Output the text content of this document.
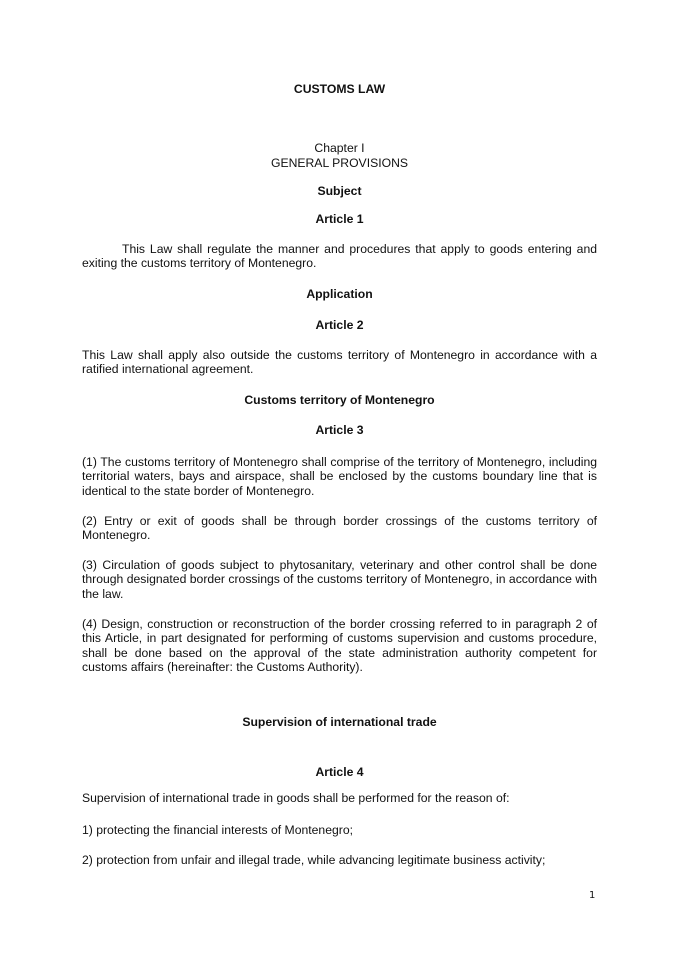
CUSTOMS LAW
Chapter I
GENERAL PROVISIONS
Subject
Article 1
This Law shall regulate the manner and procedures that apply to goods entering and exiting the customs territory of Montenegro.
Application
Article 2
This Law shall apply also outside the customs territory of Montenegro in accordance with a ratified international agreement.
Customs territory of Montenegro
Article 3
(1) The customs territory of Montenegro shall comprise of the territory of Montenegro, including territorial waters, bays and airspace, shall be enclosed by the customs boundary line that is identical to the state border of Montenegro.
(2) Entry or exit of goods shall be through border crossings of the customs territory of Montenegro.
(3) Circulation of goods subject to phytosanitary, veterinary and other control shall be done through designated border crossings of the customs territory of Montenegro, in accordance with the law.
(4) Design, construction or reconstruction of the border crossing referred to in paragraph 2 of this Article, in part designated for performing of customs supervision and customs procedure, shall be done based on the approval of the state administration authority competent for customs affairs (hereinafter: the Customs Authority).
Supervision of international trade
Article 4
Supervision of international trade in goods shall be performed for the reason of:
1) protecting the financial interests of Montenegro;
2) protection from unfair and illegal trade, while advancing legitimate business activity;
1
